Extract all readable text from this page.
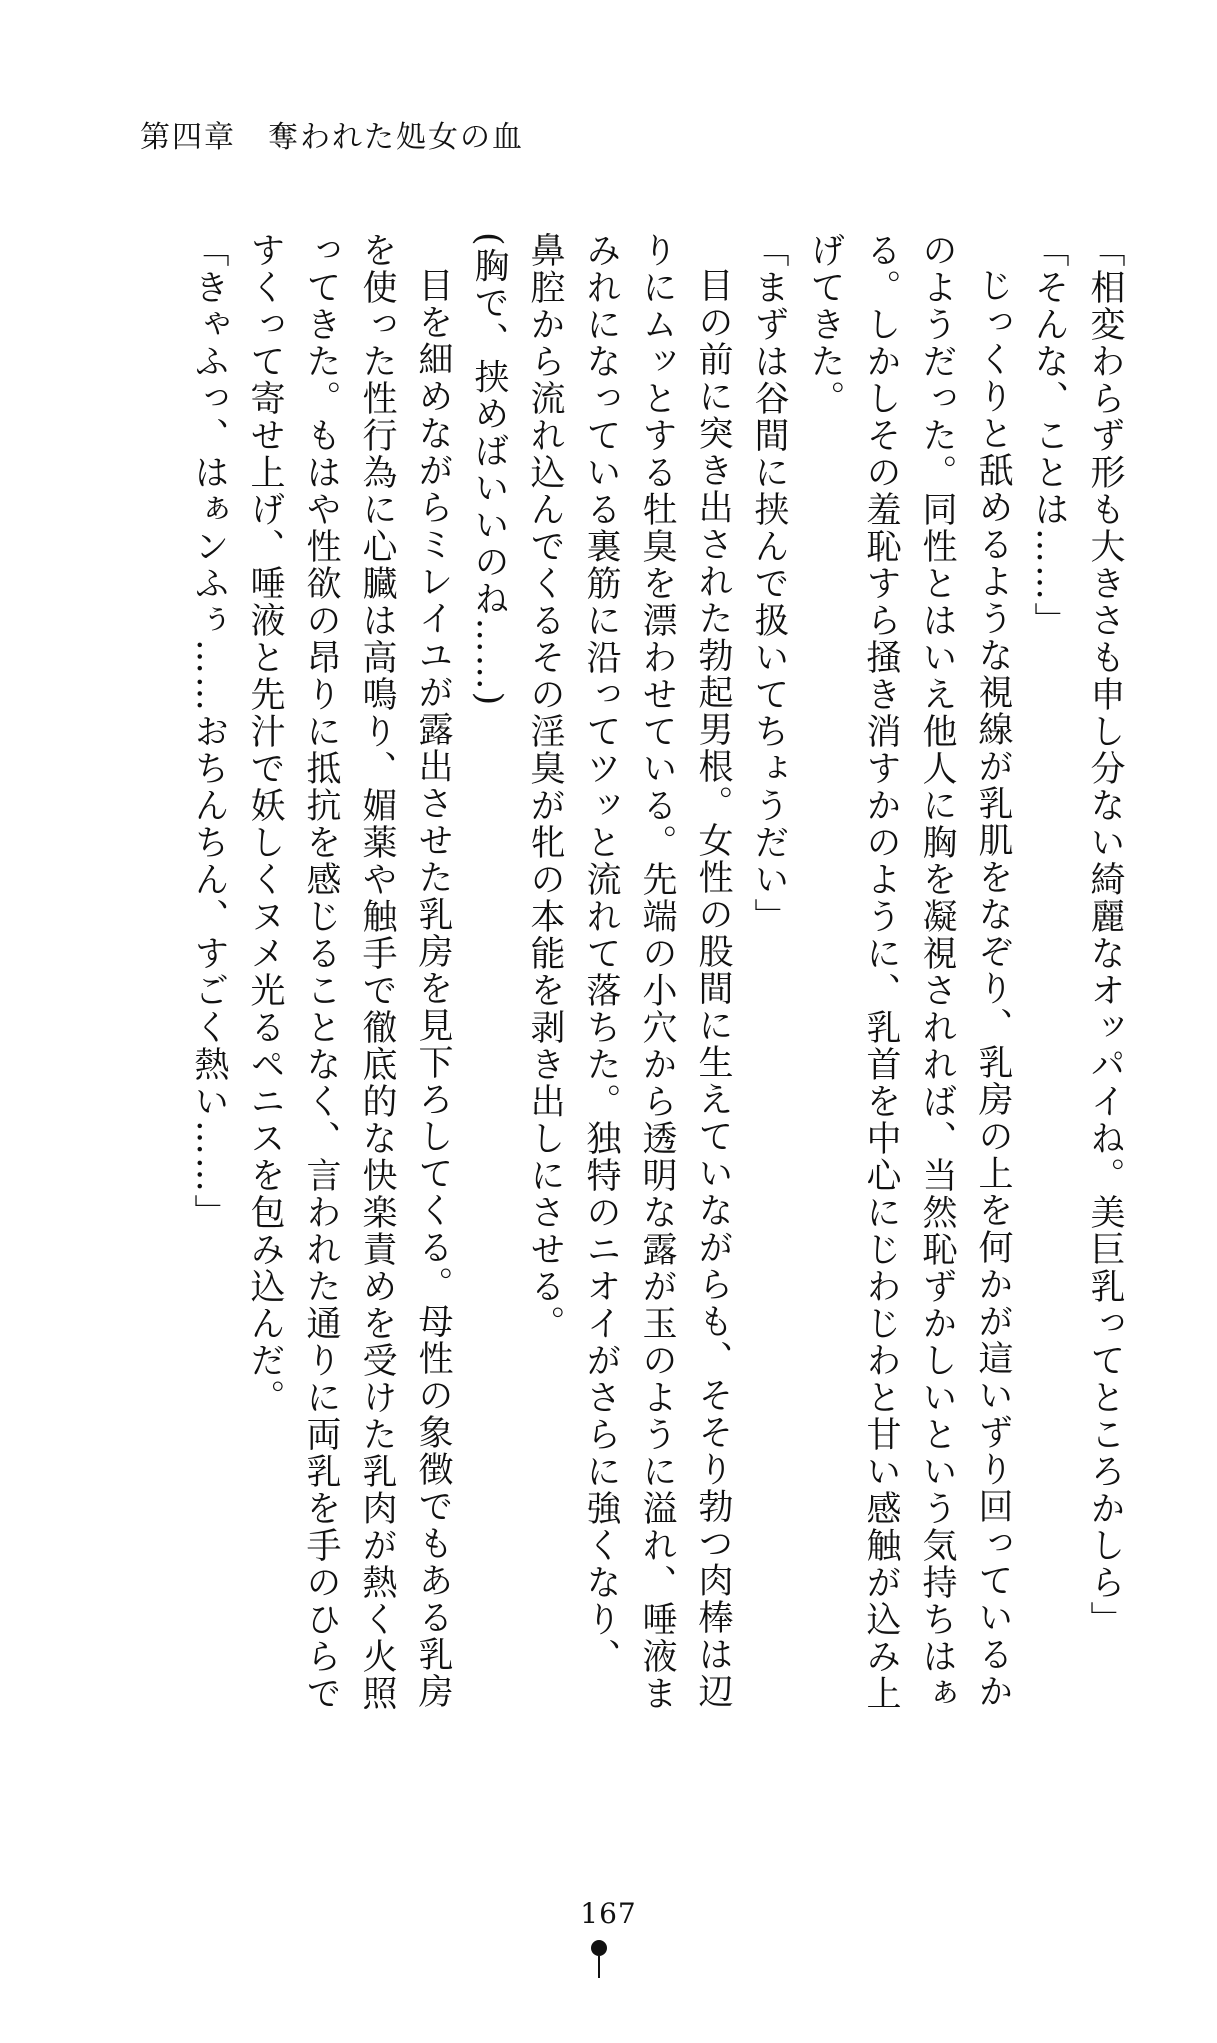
第四章　奪われた処女の血
「相変わらず形も大きさも申し分ない綺麗なオッパイね。美巨乳ってところかしら」
「そんな、ことは……」
じっくりと舐めるような視線が乳肌をなぞり、乳房の上を何かが這いずり回っているか
のようだった。同性とはいえ他人に胸を凝視されれば、当然恥ずかしいという気持ちはぁ
る。しかしその羞恥すら掻き消すかのように、乳首を中心にじわじわと甘い感触が込み上
げてきた。
「まずは谷間に挟んで扱いてちょうだい」
目の前に突き出された勃起男根。女性の股間に生えていながらも、そそり勃つ肉棒は辺
りにムッとする牡臭を漂わせている。先端の小穴から透明な露が玉のように溢れ、唾液ま
みれになっている裏筋に沿ってツッと流れて落ちた。独特のニオイがさらに強くなり、
鼻腔から流れ込んでくるその淫臭が牝の本能を剥き出しにさせる。
(胸で、挟めばいいのね……)
目を細めながらミレイユが露出させた乳房を見下ろしてくる。母性の象徴でもある乳房
を使った性行為に心臓は高鳴り、媚薬や触手で徹底的な快楽責めを受けた乳肉が熱く火照
ってきた。もはや性欲の昂りに抵抗を感じることなく、言われた通りに両乳を手のひらで
すくって寄せ上げ、唾液と先汁で妖しくヌメ光るペニスを包み込んだ。
「きゃふっ、はぁンふぅ……おちんちん、すごく熱い……」
167
